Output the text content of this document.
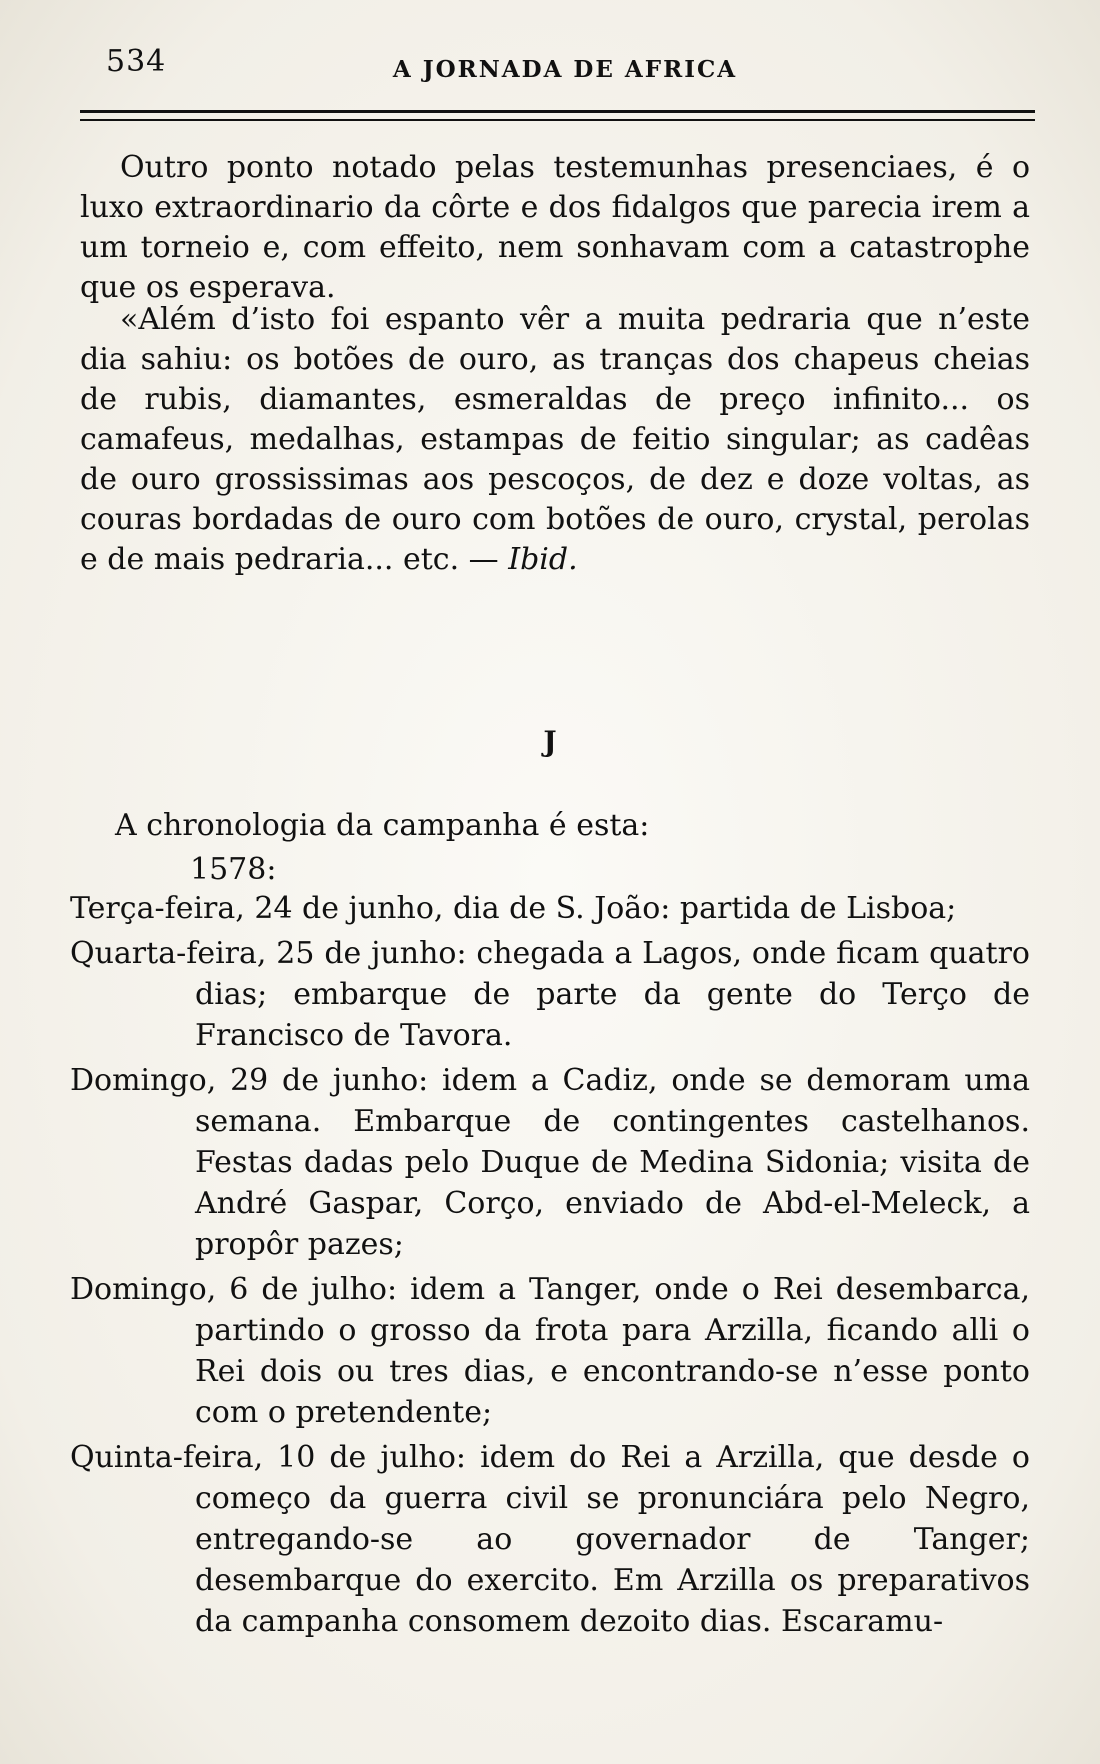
534	A JORNADA DE AFRICA

Outro ponto notado pelas testemunhas presenciaes, é o luxo extraordinario da côrte e dos fidalgos que parecia irem a um torneio e, com effeito, nem sonhavam com a catastrophe que os esperava.

«Além d’isto foi espanto vêr a muita pedraria que n’este dia sahiu: os botões de ouro, as tranças dos chapeus cheias de rubis, diamantes, esmeraldas de preço infinito... os camafeus, medalhas, estampas de feitio singular; as cadêas de ouro grossissimas aos pescoços, de dez e doze voltas, as couras bordadas de ouro com botões de ouro, crystal, perolas e de mais pedraria... etc. — Ibid.

J

A chronologia da campanha é esta:

1578:

Terça-feira, 24 de junho, dia de S. João: partida de Lisboa;

Quarta-feira, 25 de junho: chegada a Lagos, onde ficam quatro dias; embarque de parte da gente do Terço de Francisco de Tavora.

Domingo, 29 de junho: idem a Cadiz, onde se demoram uma semana. Embarque de contingentes castelhanos. Festas dadas pelo Duque de Medina Sidonia; visita de André Gaspar, Corço, enviado de Abd-el-Meleck, a propôr pazes;

Domingo, 6 de julho: idem a Tanger, onde o Rei desembarca, partindo o grosso da frota para Arzilla, ficando alli o Rei dois ou tres dias, e encontrando-se n’esse ponto com o pretendente;

Quinta-feira, 10 de julho: idem do Rei a Arzilla, que desde o começo da guerra civil se pronunciára pelo Negro, entregando-se ao governador de Tanger; desembarque do exercito. Em Arzilla os preparativos da campanha consomem dezoito dias. Escaramu-
